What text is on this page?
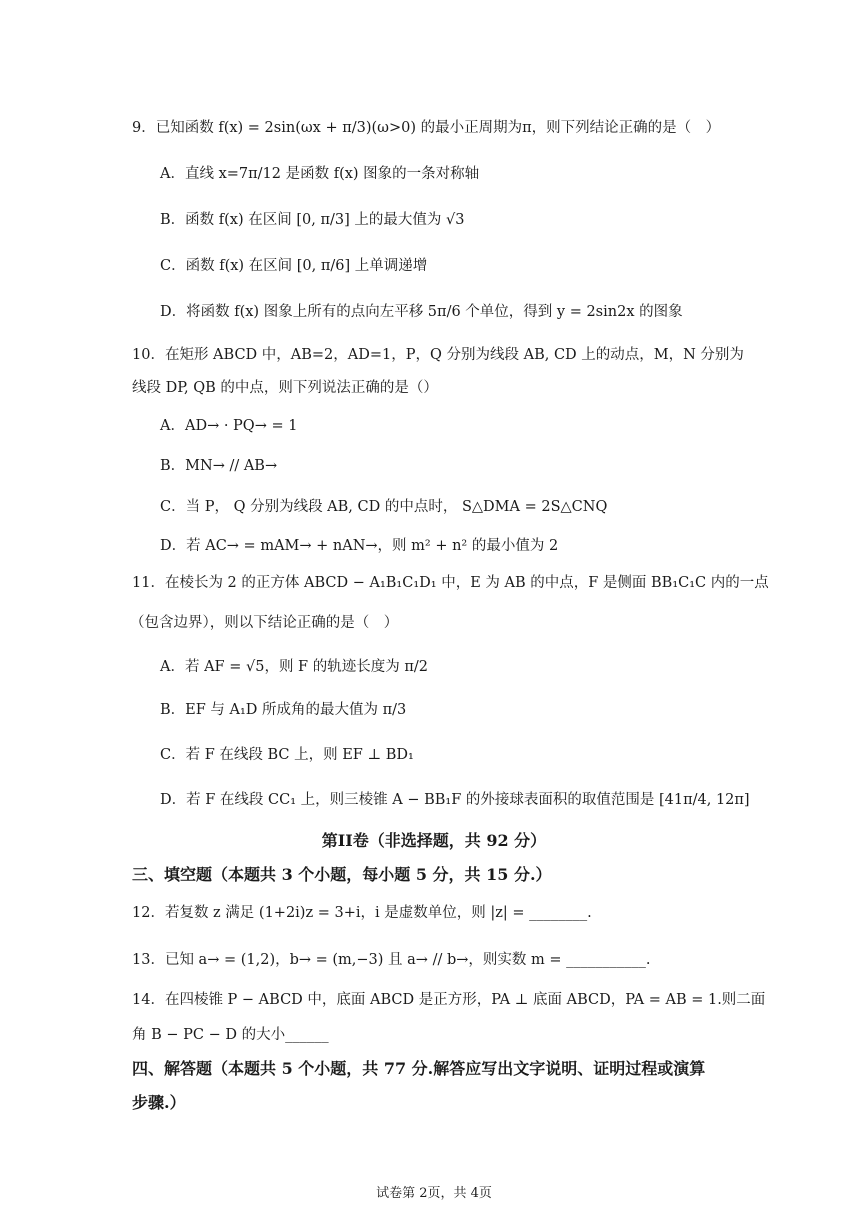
9．已知函数 f(x) = 2sin(ωx + π/3)(ω>0) 的最小正周期为π，则下列结论正确的是（　）
A．直线 x=7π/12 是函数 f(x) 图象的一条对称轴
B．函数 f(x) 在区间 [0, π/3] 上的最大值为 √3
C．函数 f(x) 在区间 [0, π/6] 上单调递增
D．将函数 f(x) 图象上所有的点向左平移 5π/6 个单位，得到 y = 2sin2x 的图象
10．在矩形 ABCD 中，AB=2，AD=1，P，Q 分别为线段 AB, CD 上的动点，M，N 分别为
线段 DP, QB 的中点，则下列说法正确的是（）
A．AD→ · PQ→ = 1
B．MN→ // AB→
C．当 P， Q 分别为线段 AB, CD 的中点时， S△DMA = 2S△CNQ
D．若 AC→ = mAM→ + nAN→，则 m² + n² 的最小值为 2
11．在棱长为 2 的正方体 ABCD − A₁B₁C₁D₁ 中，E 为 AB 的中点，F 是侧面 BB₁C₁C 内的一点
（包含边界），则以下结论正确的是（　）
A．若 AF = √5，则 F 的轨迹长度为 π/2
B．EF 与 A₁D 所成角的最大值为 π/3
C．若 F 在线段 BC 上，则 EF ⊥ BD₁
D．若 F 在线段 CC₁ 上，则三棱锥 A − BB₁F 的外接球表面积的取值范围是 [41π/4, 12π]
第II卷（非选择题，共 92 分）
三、填空题（本题共 3 个小题，每小题 5 分，共 15 分.）
12．若复数 z 满足 (1+2i)z = 3+i，i 是虚数单位，则 |z| = ________.
13．已知 a→ = (1,2)，b→ = (m,−3) 且 a→ // b→，则实数 m = ___________.
14．在四棱锥 P − ABCD 中，底面 ABCD 是正方形，PA ⊥ 底面 ABCD，PA = AB = 1.则二面
角 B − PC − D 的大小______
四、解答题（本题共 5 个小题，共 77 分.解答应写出文字说明、证明过程或演算
步骤.）
试卷第 2页，共 4页
